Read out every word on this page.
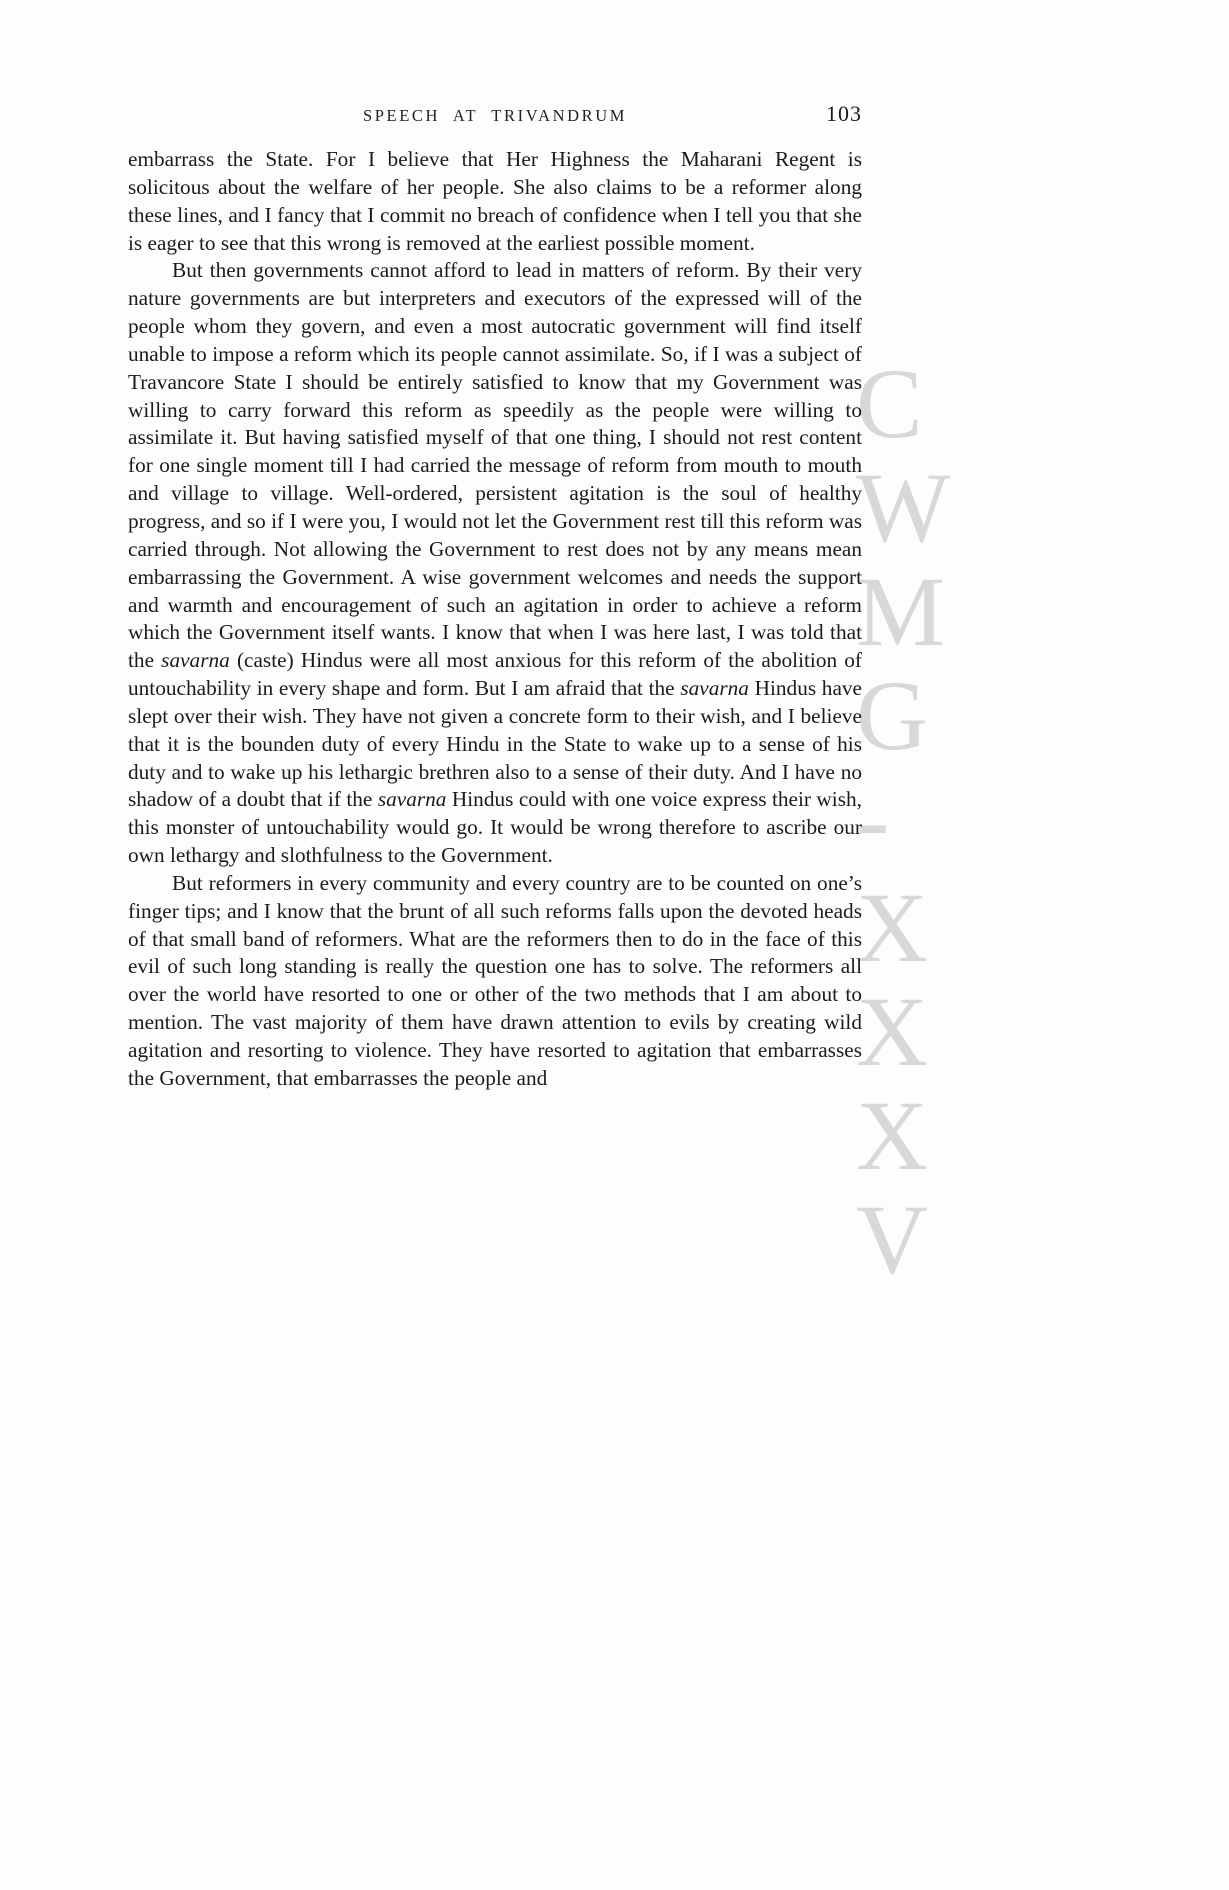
C
W
M
G
-
X
X
X
V
SPEECH AT TRIVANDRUM	103

embarrass the State. For I believe that Her Highness the Maharani Regent is solicitous about the welfare of her people. She also claims to be a reformer along these lines, and I fancy that I commit no breach of confidence when I tell you that she is eager to see that this wrong is removed at the earliest possible moment.

But then governments cannot afford to lead in matters of reform. By their very nature governments are but interpreters and executors of the expressed will of the people whom they govern, and even a most autocratic government will find itself unable to impose a reform which its people cannot assimilate. So, if I was a subject of Travancore State I should be entirely satisfied to know that my Government was willing to carry forward this reform as speedily as the people were willing to assimilate it. But having satisfied myself of that one thing, I should not rest content for one single moment till I had carried the message of reform from mouth to mouth and village to village. Well-ordered, persistent agitation is the soul of healthy progress, and so if I were you, I would not let the Government rest till this reform was carried through. Not allowing the Government to rest does not by any means mean embarrassing the Government. A wise government welcomes and needs the support and warmth and encouragement of such an agitation in order to achieve a reform which the Government itself wants. I know that when I was here last, I was told that the savarna (caste) Hindus were all most anxious for this reform of the abolition of untouchability in every shape and form. But I am afraid that the savarna Hindus have slept over their wish. They have not given a concrete form to their wish, and I believe that it is the bounden duty of every Hindu in the State to wake up to a sense of his duty and to wake up his lethargic brethren also to a sense of their duty. And I have no shadow of a doubt that if the savarna Hindus could with one voice express their wish, this monster of untouchability would go. It would be wrong therefore to ascribe our own lethargy and slothfulness to the Government.

But reformers in every community and every country are to be counted on one’s finger tips; and I know that the brunt of all such reforms falls upon the devoted heads of that small band of reformers. What are the reformers then to do in the face of this evil of such long standing is really the question one has to solve. The reformers all over the world have resorted to one or other of the two methods that I am about to mention. The vast majority of them have drawn attention to evils by creating wild agitation and resorting to violence. They have resorted to agitation that embarrasses the Government, that embarrasses the people and
